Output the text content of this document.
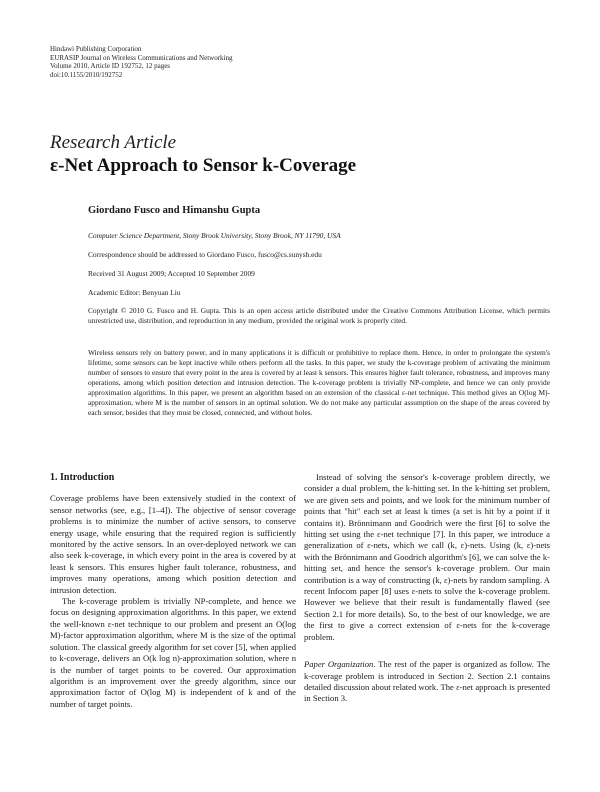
Hindawi Publishing Corporation
EURASIP Journal on Wireless Communications and Networking
Volume 2010, Article ID 192752, 12 pages
doi:10.1155/2010/192752
Research Article
ε-Net Approach to Sensor k-Coverage
Giordano Fusco and Himanshu Gupta
Computer Science Department, Stony Brook University, Stony Brook, NY 11790, USA
Correspondence should be addressed to Giordano Fusco, fusco@cs.sunysb.edu
Received 31 August 2009; Accepted 10 September 2009
Academic Editor: Benyuan Liu
Copyright © 2010 G. Fusco and H. Gupta. This is an open access article distributed under the Creative Commons Attribution License, which permits unrestricted use, distribution, and reproduction in any medium, provided the original work is properly cited.
Wireless sensors rely on battery power, and in many applications it is difficult or prohibitive to replace them. Hence, in order to prolongate the system's lifetime, some sensors can be kept inactive while others perform all the tasks. In this paper, we study the k-coverage problem of activating the minimum number of sensors to ensure that every point in the area is covered by at least k sensors. This ensures higher fault tolerance, robustness, and improves many operations, among which position detection and intrusion detection. The k-coverage problem is trivially NP-complete, and hence we can only provide approximation algorithms. In this paper, we present an algorithm based on an extension of the classical ε-net technique. This method gives an O(log M)-approximation, where M is the number of sensors in an optimal solution. We do not make any particular assumption on the shape of the areas covered by each sensor, besides that they must be closed, connected, and without holes.
1. Introduction

Coverage problems have been extensively studied in the context of sensor networks (see, e.g., [1–4]). The objective of sensor coverage problems is to minimize the number of active sensors, to conserve energy usage, while ensuring that the required region is sufficiently monitored by the active sensors. In an over-deployed network we can also seek k-coverage, in which every point in the area is covered by at least k sensors. This ensures higher fault tolerance, robustness, and improves many operations, among which position detection and intrusion detection.

The k-coverage problem is trivially NP-complete, and hence we focus on designing approximation algorithms. In this paper, we extend the well-known ε-net technique to our problem and present an O(log M)-factor approximation algorithm, where M is the size of the optimal solution. The classical greedy algorithm for set cover [5], when applied to k-coverage, delivers an O(k log n)-approximation solution, where n is the number of target points to be covered. Our approximation algorithm is an improvement over the greedy algorithm, since our approximation factor of O(log M) is independent of k and of the number of target points.

Instead of solving the sensor's k-coverage problem directly, we consider a dual problem, the k-hitting set. In the k-hitting set problem, we are given sets and points, and we look for the minimum number of points that "hit" each set at least k times (a set is hit by a point if it contains it). Brönnimann and Goodrich were the first [6] to solve the hitting set using the ε-net technique [7]. In this paper, we introduce a generalization of ε-nets, which we call (k, ε)-nets. Using (k, ε)-nets with the Brönnimann and Goodrich algorithm's [6], we can solve the k-hitting set, and hence the sensor's k-coverage problem. Our main contribution is a way of constructing (k, ε)-nets by random sampling. A recent Infocom paper [8] uses ε-nets to solve the k-coverage problem. However we believe that their result is fundamentally flawed (see Section 2.1 for more details). So, to the best of our knowledge, we are the first to give a correct extension of ε-nets for the k-coverage problem.

Paper Organization. The rest of the paper is organized as follow. The k-coverage problem is introduced in Section 2. Section 2.1 contains detailed discussion about related work. The ε-net approach is presented in Section 3.
